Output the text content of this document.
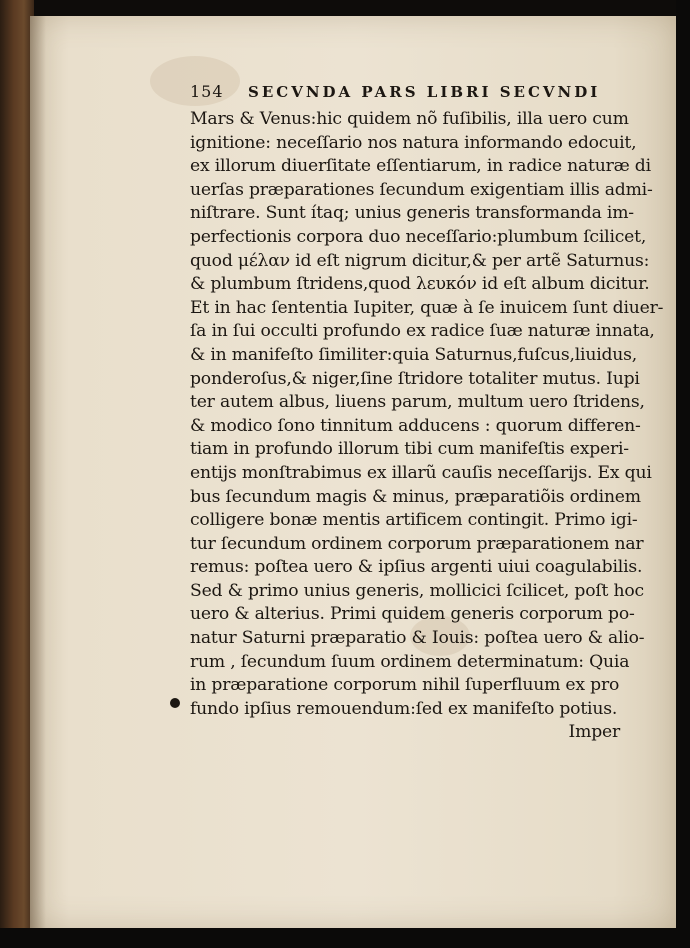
154	SECVNDA PARS LIBRI SECVNDI
Mars & Venus:hic quidem nõ fuſibilis, illa uero cum
ignitione: neceſſario nos natura informando edocuit,
ex illorum diuerſitate eſſentiarum, in radice naturæ di
uerſas præparationes ſecundum exigentiam illis admi-
niſtrare. Sunt ítaq; unius generis transformanda im-
perfectionis corpora duo neceſſario:plumbum ſcilicet,
quod μέλαν id eſt nigrum dicitur,& per artẽ Saturnus:
& plumbum ſtridens,quod λευκόν id eſt album dicitur.
Et in hac ſententia Iupiter, quæ à ſe inuicem ſunt diuer-
ſa in ſui occulti profundo ex radice ſuæ naturæ innata,
& in manifeſto ſimiliter:quia Saturnus,fuſcus,liuidus,
ponderoſus,& niger,ſine ſtridore totaliter mutus. Iupi
ter autem albus, liuens parum, multum uero ſtridens,
& modico ſono tinnitum adducens : quorum differen-
tiam in profundo illorum tibi cum manifeſtis experi-
entijs monſtrabimus ex illarũ cauſis neceſſarijs. Ex qui
bus ſecundum magis & minus, præparatiõis ordinem
colligere bonæ mentis artificem contingit. Primo igi-
tur ſecundum ordinem corporum præparationem nar
remus: poſtea uero & ipſius argenti uiui coagulabilis.
Sed & primo unius generis, mollicici ſcilicet, poſt hoc
uero & alterius. Primi quidem generis corporum po-
natur Saturni præparatio & Iouis: poſtea uero & alio-
rum , ſecundum ſuum ordinem determinatum: Quia
in præparatione corporum nihil ſuperfluum ex pro
fundo ipſius remouendum:ſed ex manifeſto potius.
Imper
